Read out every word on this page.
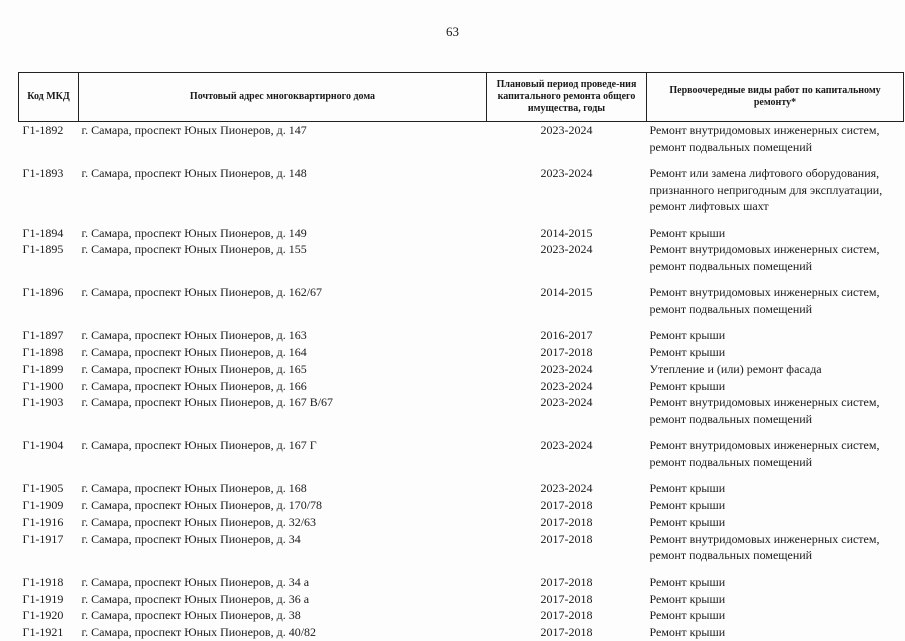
63
Код МКД	Почтовый адрес многоквартирного дома	Плановый период проведе-ния капитального ремонта общего имущества, годы	Первоочередные виды работ по капитальному ремонту*
Г1-1892	г. Самара, проспект Юных Пионеров, д. 147	2023-2024	Ремонт внутридомовых инженерных систем, ремонт подвальных помещений
Г1-1893	г. Самара, проспект Юных Пионеров, д. 148	2023-2024	Ремонт или замена лифтового оборудования, признанного непригодным для эксплуатации, ремонт лифтовых шахт
Г1-1894	г. Самара, проспект Юных Пионеров, д. 149	2014-2015	Ремонт крыши
Г1-1895	г. Самара, проспект Юных Пионеров, д. 155	2023-2024	Ремонт внутридомовых инженерных систем, ремонт подвальных помещений
Г1-1896	г. Самара, проспект Юных Пионеров, д. 162/67	2014-2015	Ремонт внутридомовых инженерных систем, ремонт подвальных помещений
Г1-1897	г. Самара, проспект Юных Пионеров, д. 163	2016-2017	Ремонт крыши
Г1-1898	г. Самара, проспект Юных Пионеров, д. 164	2017-2018	Ремонт крыши
Г1-1899	г. Самара, проспект Юных Пионеров, д. 165	2023-2024	Утепление и (или) ремонт фасада
Г1-1900	г. Самара, проспект Юных Пионеров, д. 166	2023-2024	Ремонт крыши
Г1-1903	г. Самара, проспект Юных Пионеров, д. 167 В/67	2023-2024	Ремонт внутридомовых инженерных систем, ремонт подвальных помещений
Г1-1904	г. Самара, проспект Юных Пионеров, д. 167 Г	2023-2024	Ремонт внутридомовых инженерных систем, ремонт подвальных помещений
Г1-1905	г. Самара, проспект Юных Пионеров, д. 168	2023-2024	Ремонт крыши
Г1-1909	г. Самара, проспект Юных Пионеров, д. 170/78	2017-2018	Ремонт крыши
Г1-1916	г. Самара, проспект Юных Пионеров, д. 32/63	2017-2018	Ремонт крыши
Г1-1917	г. Самара, проспект Юных Пионеров, д. 34	2017-2018	Ремонт внутридомовых инженерных систем, ремонт подвальных помещений
Г1-1918	г. Самара, проспект Юных Пионеров, д. 34 а	2017-2018	Ремонт крыши
Г1-1919	г. Самара, проспект Юных Пионеров, д. 36 а	2017-2018	Ремонт крыши
Г1-1920	г. Самара, проспект Юных Пионеров, д. 38	2017-2018	Ремонт крыши
Г1-1921	г. Самара, проспект Юных Пионеров, д. 40/82	2017-2018	Ремонт крыши
